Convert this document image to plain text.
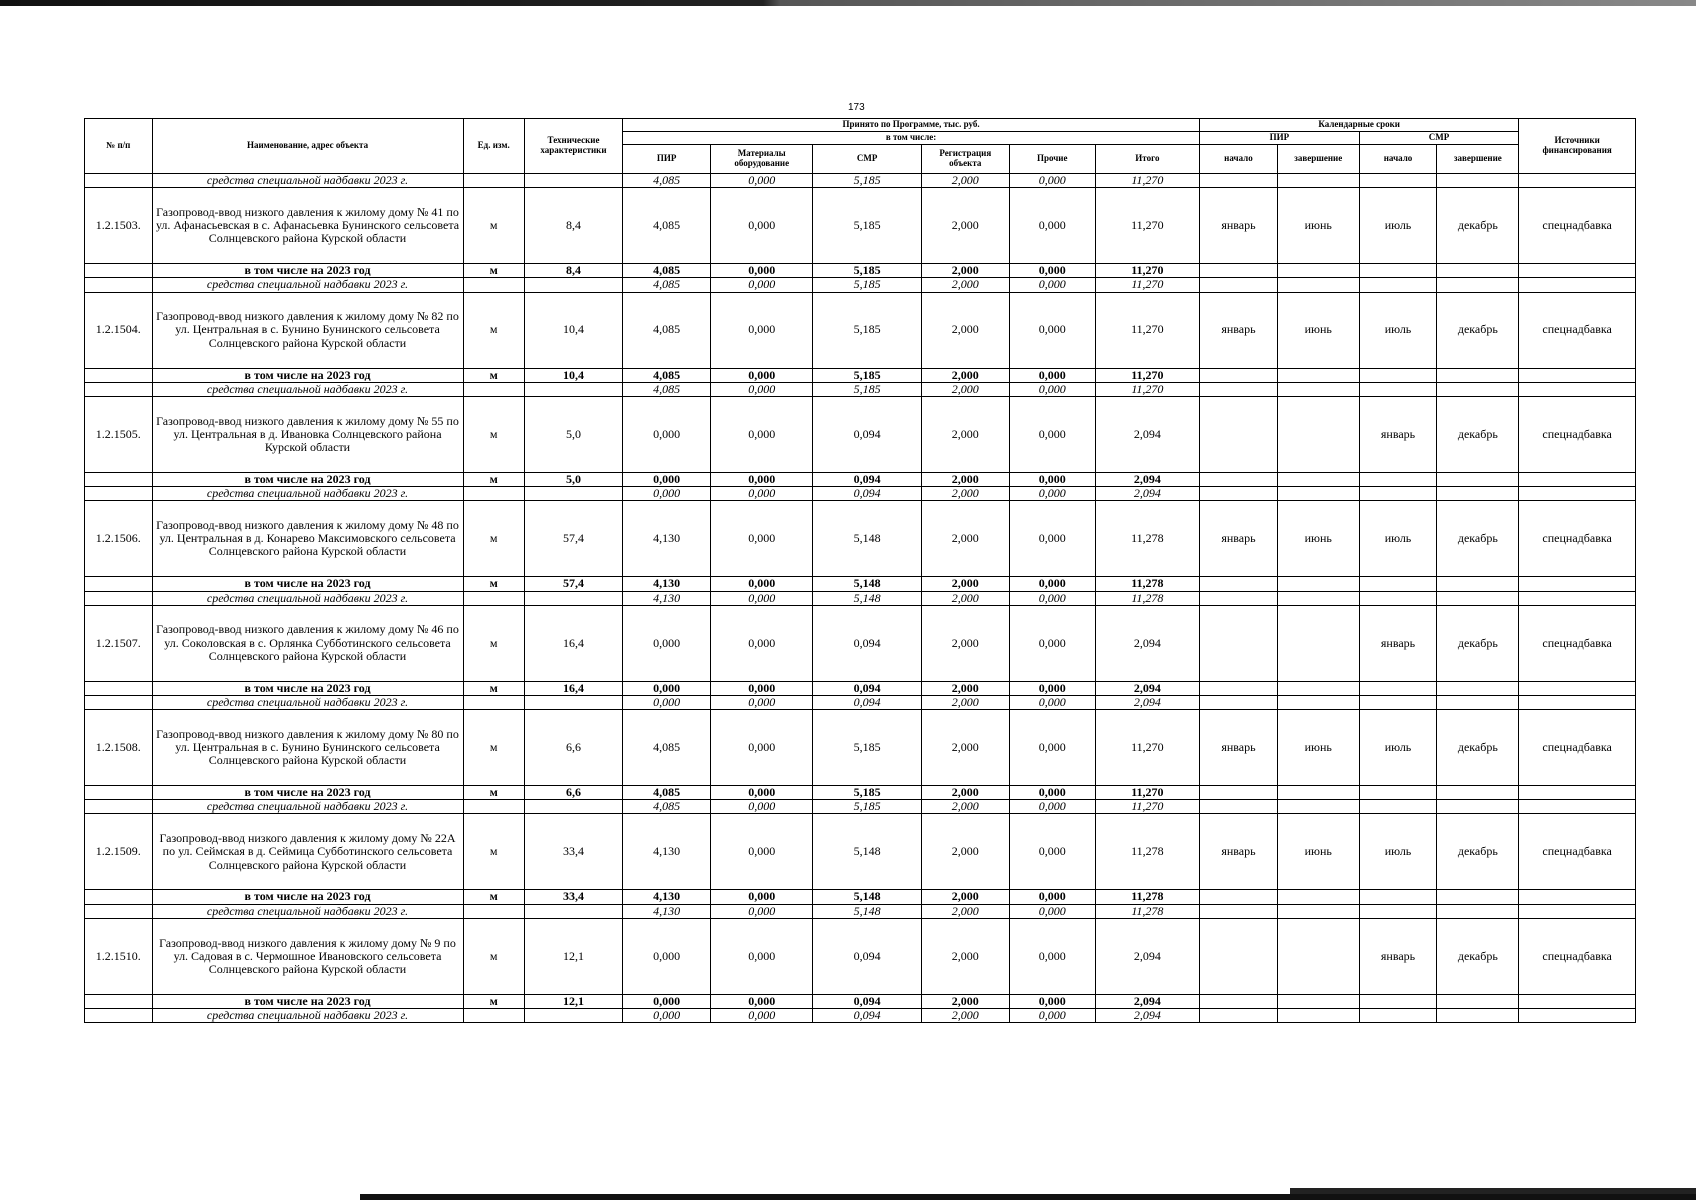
173
№ п/п	Наименование, адрес объекта	Ед. изм.	Технические характеристики	Принято по Программе, тыс. руб.						Календарные сроки				Источники финансирования
				в том числе:						ПИР		СМР		
				ПИР	Материалы оборудование	СМР	Регистрация объекта	Прочие	Итого	начало	завершение	начало	завершение	
	средства специальной надбавки 2023 г.			4,085	0,000	5,185	2,000	0,000	11,270					
1.2.1503.	Газопровод-ввод низкого давления к жилому дому № 41 по ул. Афанасьевская в с. Афанасьевка Бунинского сельсовета Солнцевского района Курской области	м	8,4	4,085	0,000	5,185	2,000	0,000	11,270	январь	июнь	июль	декабрь	спецнадбавка
	в том числе на 2023 год	м	8,4	4,085	0,000	5,185	2,000	0,000	11,270					
	средства специальной надбавки 2023 г.			4,085	0,000	5,185	2,000	0,000	11,270					
1.2.1504.	Газопровод-ввод низкого давления к жилому дому № 82 по ул. Центральная в с. Бунино Бунинского сельсовета Солнцевского района Курской области	м	10,4	4,085	0,000	5,185	2,000	0,000	11,270	январь	июнь	июль	декабрь	спецнадбавка
	в том числе на 2023 год	м	10,4	4,085	0,000	5,185	2,000	0,000	11,270					
	средства специальной надбавки 2023 г.			4,085	0,000	5,185	2,000	0,000	11,270					
1.2.1505.	Газопровод-ввод низкого давления к жилому дому № 55 по ул. Центральная в д. Ивановка Солнцевского района Курской области	м	5,0	0,000	0,000	0,094	2,000	0,000	2,094			январь	декабрь	спецнадбавка
	в том числе на 2023 год	м	5,0	0,000	0,000	0,094	2,000	0,000	2,094					
	средства специальной надбавки 2023 г.			0,000	0,000	0,094	2,000	0,000	2,094					
1.2.1506.	Газопровод-ввод низкого давления к жилому дому № 48 по ул. Центральная в д. Конарево Максимовского сельсовета Солнцевского района Курской области	м	57,4	4,130	0,000	5,148	2,000	0,000	11,278	январь	июнь	июль	декабрь	спецнадбавка
	в том числе на 2023 год	м	57,4	4,130	0,000	5,148	2,000	0,000	11,278					
	средства специальной надбавки 2023 г.			4,130	0,000	5,148	2,000	0,000	11,278					
1.2.1507.	Газопровод-ввод низкого давления к жилому дому № 46 по ул. Соколовская в с. Орлянка Субботинского сельсовета Солнцевского района Курской области	м	16,4	0,000	0,000	0,094	2,000	0,000	2,094			январь	декабрь	спецнадбавка
	в том числе на 2023 год	м	16,4	0,000	0,000	0,094	2,000	0,000	2,094					
	средства специальной надбавки 2023 г.			0,000	0,000	0,094	2,000	0,000	2,094					
1.2.1508.	Газопровод-ввод низкого давления к жилому дому № 80 по ул. Центральная в с. Бунино Бунинского сельсовета Солнцевского района Курской области	м	6,6	4,085	0,000	5,185	2,000	0,000	11,270	январь	июнь	июль	декабрь	спецнадбавка
	в том числе на 2023 год	м	6,6	4,085	0,000	5,185	2,000	0,000	11,270					
	средства специальной надбавки 2023 г.			4,085	0,000	5,185	2,000	0,000	11,270					
1.2.1509.	Газопровод-ввод низкого давления к жилому дому № 22А по ул. Сеймская в д. Сеймица Субботинского сельсовета Солнцевского района Курской области	м	33,4	4,130	0,000	5,148	2,000	0,000	11,278	январь	июнь	июль	декабрь	спецнадбавка
	в том числе на 2023 год	м	33,4	4,130	0,000	5,148	2,000	0,000	11,278					
	средства специальной надбавки 2023 г.			4,130	0,000	5,148	2,000	0,000	11,278					
1.2.1510.	Газопровод-ввод низкого давления к жилому дому № 9 по ул. Садовая в с. Чермошное Ивановского сельсовета Солнцевского района Курской области	м	12,1	0,000	0,000	0,094	2,000	0,000	2,094			январь	декабрь	спецнадбавка
	в том числе на 2023 год	м	12,1	0,000	0,000	0,094	2,000	0,000	2,094					
	средства специальной надбавки 2023 г.			0,000	0,000	0,094	2,000	0,000	2,094					
